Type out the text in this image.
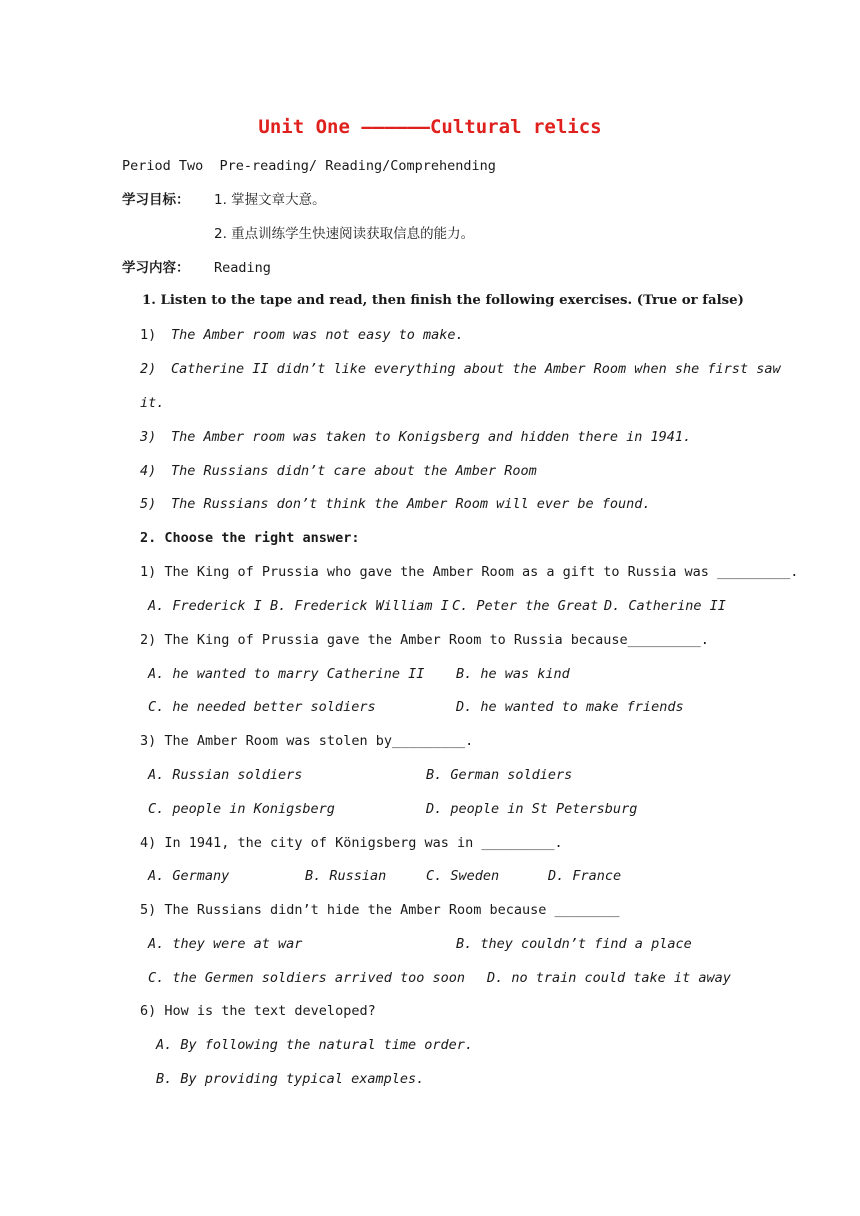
Unit One ——————Cultural relics
Period Two  Pre-reading/ Reading/Comprehending
学习目标： 1. 掌握文章大意。
2. 重点训练学生快速阅读获取信息的能力。
学习内容： Reading
1. Listen to the tape and read, then finish the following exercises. (True or false)
1) The Amber room was not easy to make.
2) Catherine II didn’t like everything about the Amber Room when she first saw
it.
3) The Amber room was taken to Konigsberg and hidden there in 1941.
4) The Russians didn’t care about the Amber Room
5) The Russians don’t think the Amber Room will ever be found.
2. Choose the right answer:
1) The King of Prussia who gave the Amber Room as a gift to Russia was _________.
A. Frederick I B. Frederick William I C. Peter the Great D. Catherine II
2) The King of Prussia gave the Amber Room to Russia because_________.
A. he wanted to marry Catherine II B. he was kind
C. he needed better soldiers	D. he wanted to make friends
3) The Amber Room was stolen by_________.
A. Russian soldiers	B. German soldiers
C. people in Konigsberg	D. people in St Petersburg
4) In 1941, the city of Königsberg was in _________.
A. Germany	B. Russian	C. Sweden	D. France
5) The Russians didn’t hide the Amber Room because ________
A. they were at war	B. they couldn’t find a place
C. the Germen soldiers arrived too soon D. no train could take it away
6) How is the text developed?
A. By following the natural time order.
B. By providing typical examples.
